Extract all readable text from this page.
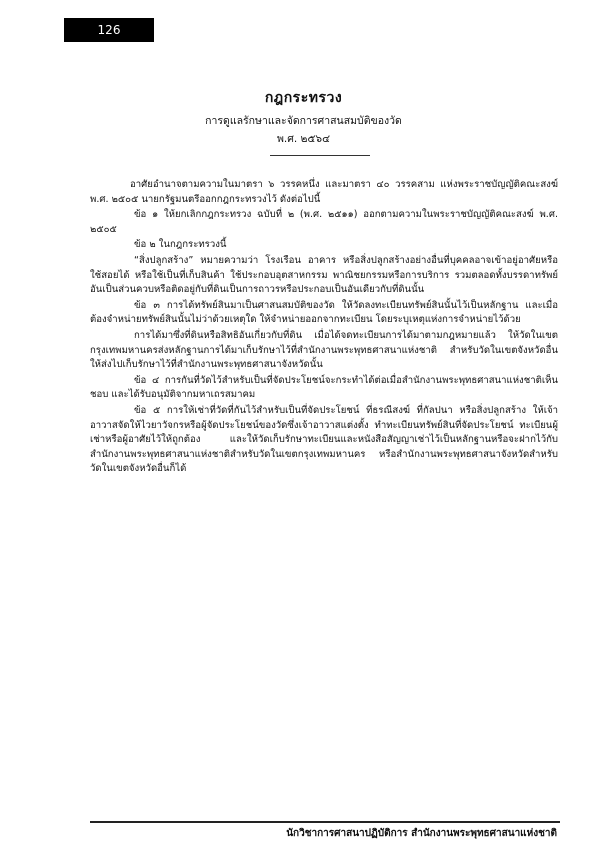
126
กฎกระทรวง
การดูแลรักษาและจัดการศาสนสมบัติของวัด
พ.ศ. ๒๕๖๔

อาศัยอำนาจตามความในมาตรา ๖ วรรคหนึ่ง และมาตรา ๔๐ วรรคสาม แห่งพระราชบัญญัติคณะสงฆ์ พ.ศ. ๒๕๐๕ นายกรัฐมนตรีออกกฎกระทรวงไว้ ดังต่อไปนี้

ข้อ ๑ ให้ยกเลิกกฎกระทรวง ฉบับที่ ๒ (พ.ศ. ๒๕๑๑) ออกตามความในพระราชบัญญัติคณะสงฆ์ พ.ศ. ๒๕๐๕

ข้อ ๒ ในกฎกระทรวงนี้

“สิ่งปลูกสร้าง” หมายความว่า โรงเรือน อาคาร หรือสิ่งปลูกสร้างอย่างอื่นที่บุคคลอาจเข้าอยู่อาศัยหรือใช้สอยได้ หรือใช้เป็นที่เก็บสินค้า ใช้ประกอบอุตสาหกรรม พาณิชยกรรมหรือการบริการ รวมตลอดทั้งบรรดาทรัพย์อันเป็นส่วนควบหรือติดอยู่กับที่ดินเป็นการถาวรหรือประกอบเป็นอันเดียวกับที่ดินนั้น

ข้อ ๓ การได้ทรัพย์สินมาเป็นศาสนสมบัติของวัด ให้วัดลงทะเบียนทรัพย์สินนั้นไว้เป็นหลักฐาน และเมื่อต้องจำหน่ายทรัพย์สินนั้นไม่ว่าด้วยเหตุใด ให้จำหน่ายออกจากทะเบียน โดยระบุเหตุแห่งการจำหน่ายไว้ด้วย

การได้มาซึ่งที่ดินหรือสิทธิอันเกี่ยวกับที่ดิน เมื่อได้จดทะเบียนการได้มาตามกฎหมายแล้ว ให้วัดในเขตกรุงเทพมหานครส่งหลักฐานการได้มาเก็บรักษาไว้ที่สำนักงานพระพุทธศาสนาแห่งชาติ สำหรับวัดในเขตจังหวัดอื่นให้ส่งไปเก็บรักษาไว้ที่สำนักงานพระพุทธศาสนาจังหวัดนั้น

ข้อ ๔ การกันที่วัดไว้สำหรับเป็นที่จัดประโยชน์จะกระทำได้ต่อเมื่อสำนักงานพระพุทธศาสนาแห่งชาติเห็นชอบ และได้รับอนุมัติจากมหาเถรสมาคม

ข้อ ๕ การให้เช่าที่วัดที่กันไว้สำหรับเป็นที่จัดประโยชน์ ที่ธรณีสงฆ์ ที่กัลปนา หรือสิ่งปลูกสร้าง ให้เจ้าอาวาสจัดให้ไวยาวัจกรหรือผู้จัดประโยชน์ของวัดซึ่งเจ้าอาวาสแต่งตั้ง ทำทะเบียนทรัพย์สินที่จัดประโยชน์ ทะเบียนผู้เช่าหรือผู้อาศัยไว้ให้ถูกต้อง และให้วัดเก็บรักษาทะเบียนและหนังสือสัญญาเช่าไว้เป็นหลักฐานหรือจะฝากไว้กับสำนักงานพระพุทธศาสนาแห่งชาติสำหรับวัดในเขตกรุงเทพมหานคร หรือสำนักงานพระพุทธศาสนาจังหวัดสำหรับวัดในเขตจังหวัดอื่นก็ได้

นักวิชาการศาสนาปฏิบัติการ สำนักงานพระพุทธศาสนาแห่งชาติ
